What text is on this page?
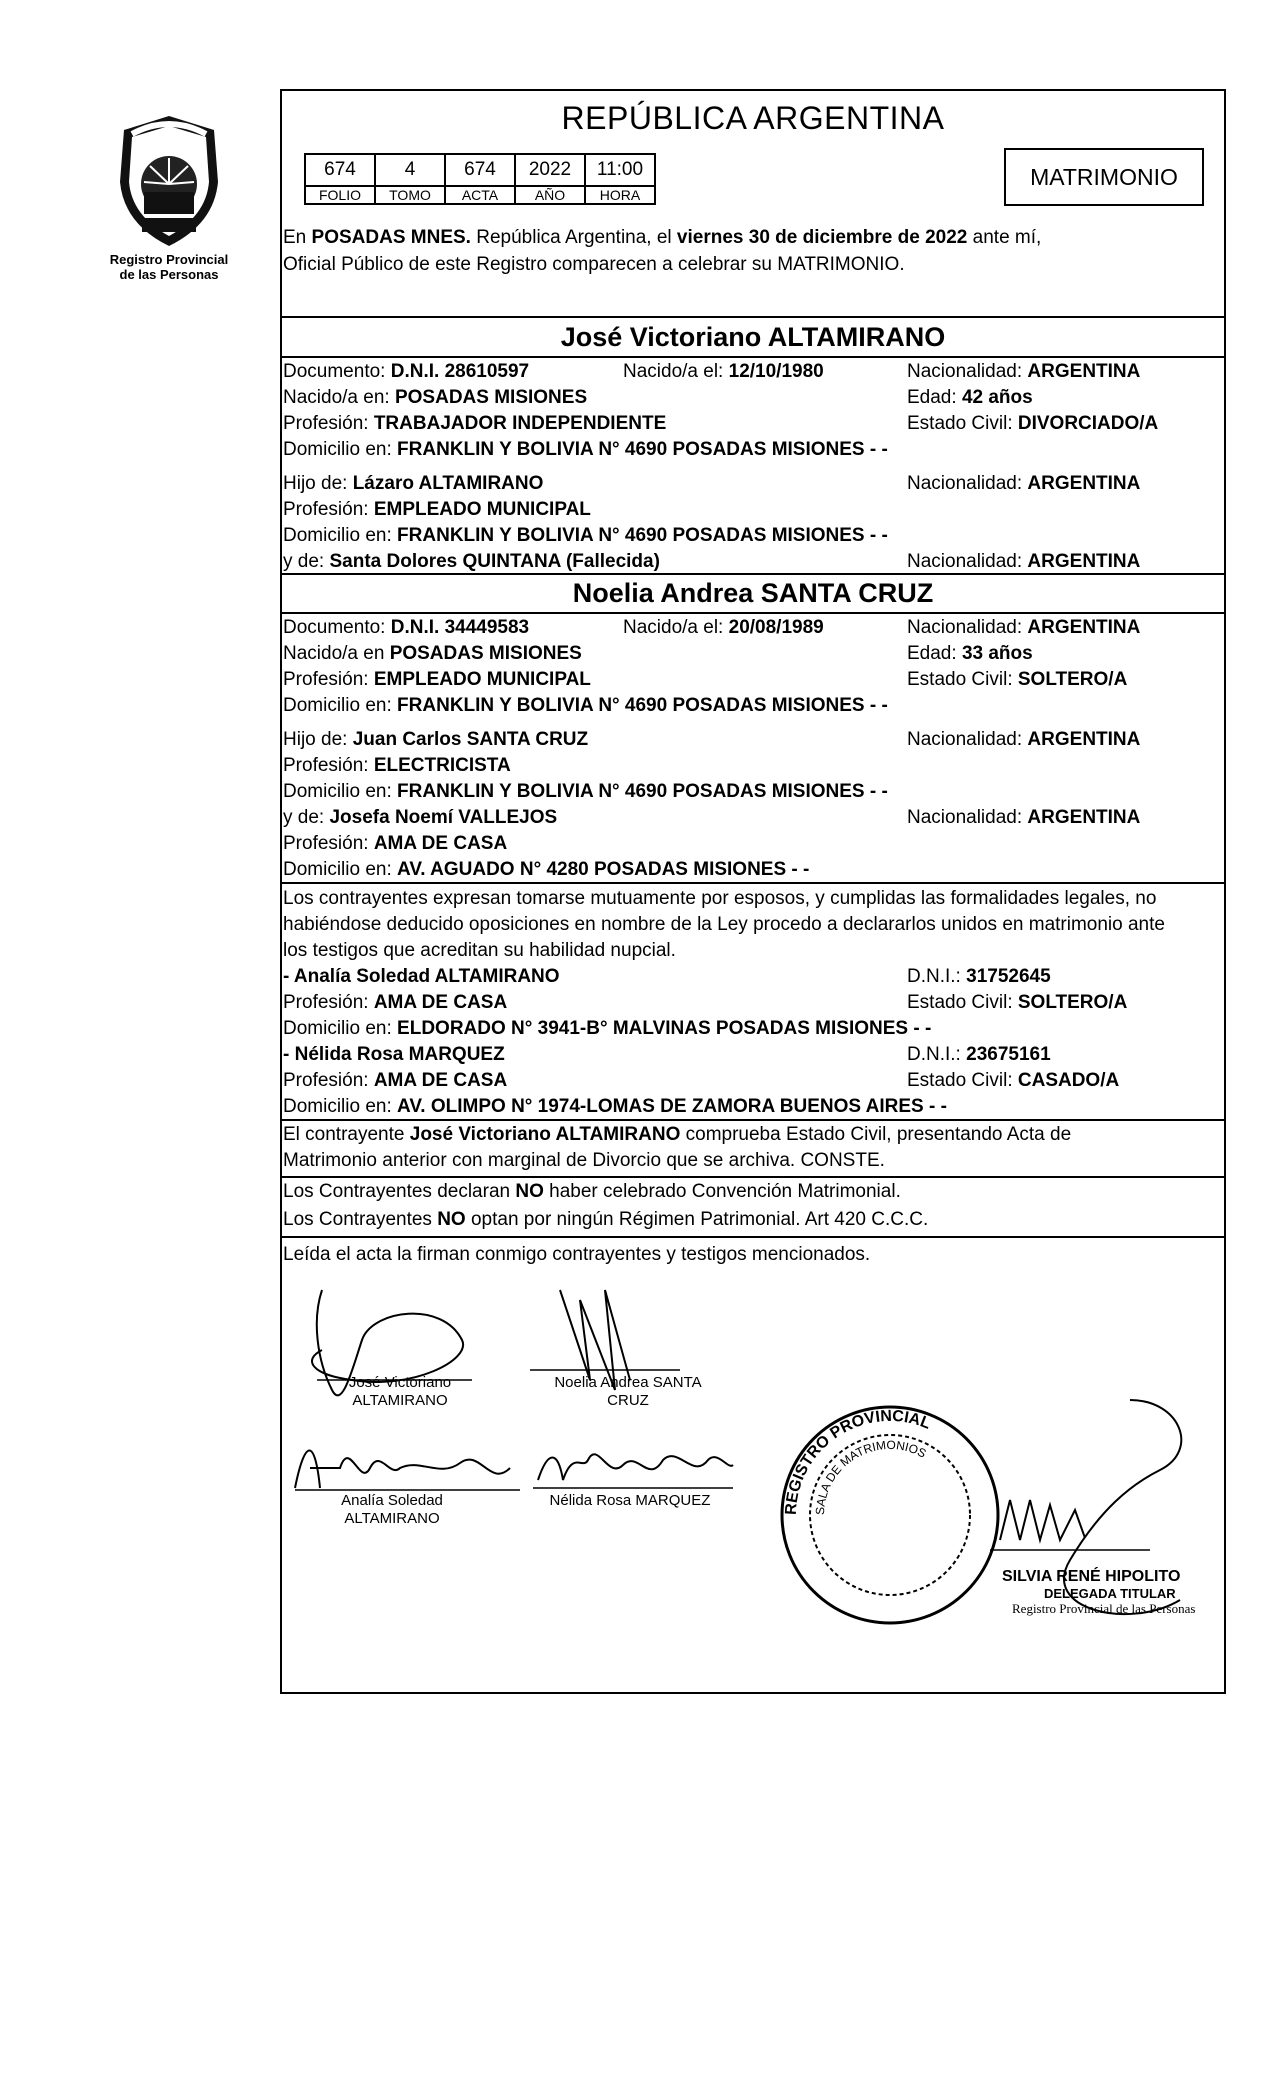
Registro Provincial
de las Personas
REPÚBLICA ARGENTINA
674	4	674	2022	11:00
FOLIO	TOMO	ACTA	AÑO	HORA
MATRIMONIO
En POSADAS MNES. República Argentina, el viernes 30 de diciembre de 2022 ante mí,
Oficial Público de este Registro comparecen a celebrar su MATRIMONIO.
José Victoriano ALTAMIRANO
Documento: D.N.I. 28610597	Nacido/a el: 12/10/1980	Nacionalidad: ARGENTINA
Nacido/a en: POSADAS MISIONES	Edad: 42 años
Profesión: TRABAJADOR INDEPENDIENTE	Estado Civil: DIVORCIADO/A
Domicilio en: FRANKLIN Y BOLIVIA N° 4690 POSADAS MISIONES - -
Hijo de: Lázaro ALTAMIRANO	Nacionalidad: ARGENTINA
Profesión: EMPLEADO MUNICIPAL
Domicilio en: FRANKLIN Y BOLIVIA N° 4690 POSADAS MISIONES - -
y de: Santa Dolores QUINTANA (Fallecida)	Nacionalidad: ARGENTINA
Noelia Andrea SANTA CRUZ
Documento: D.N.I. 34449583	Nacido/a el: 20/08/1989	Nacionalidad: ARGENTINA
Nacido/a en POSADAS MISIONES	Edad: 33 años
Profesión: EMPLEADO MUNICIPAL	Estado Civil: SOLTERO/A
Domicilio en: FRANKLIN Y BOLIVIA N° 4690 POSADAS MISIONES - -
Hijo de: Juan Carlos SANTA CRUZ	Nacionalidad: ARGENTINA
Profesión: ELECTRICISTA
Domicilio en: FRANKLIN Y BOLIVIA N° 4690 POSADAS MISIONES - -
y de: Josefa Noemí VALLEJOS	Nacionalidad: ARGENTINA
Profesión: AMA DE CASA
Domicilio en: AV. AGUADO N° 4280 POSADAS MISIONES - -
Los contrayentes expresan tomarse mutuamente por esposos, y cumplidas las formalidades legales, no
habiéndose deducido oposiciones en nombre de la Ley procedo a declararlos unidos en matrimonio ante
los testigos que acreditan su habilidad nupcial.
- Analía Soledad ALTAMIRANO	D.N.I.: 31752645
Profesión: AMA DE CASA	Estado Civil: SOLTERO/A
Domicilio en: ELDORADO N° 3941-B° MALVINAS POSADAS MISIONES - -
- Nélida Rosa MARQUEZ	D.N.I.: 23675161
Profesión: AMA DE CASA	Estado Civil: CASADO/A
Domicilio en: AV. OLIMPO N° 1974-LOMAS DE ZAMORA BUENOS AIRES - -
El contrayente José Victoriano ALTAMIRANO comprueba Estado Civil, presentando Acta de
Matrimonio anterior con marginal de Divorcio que se archiva. CONSTE.
Los Contrayentes declaran NO haber celebrado Convención Matrimonial.
Los Contrayentes NO optan por ningún Régimen Patrimonial. Art 420 C.C.C.
Leída el acta la firman conmigo contrayentes y testigos mencionados.
José Victoriano
ALTAMIRANO
Noelia Andrea SANTA
CRUZ
Analía Soledad
ALTAMIRANO
Nélida Rosa MARQUEZ
REGISTRO PROVINCIAL
SALA DE MATRIMONIOS
SILVIA RENÉ HIPOLITO
DELEGADA TITULAR
Registro Provincial de las Personas
